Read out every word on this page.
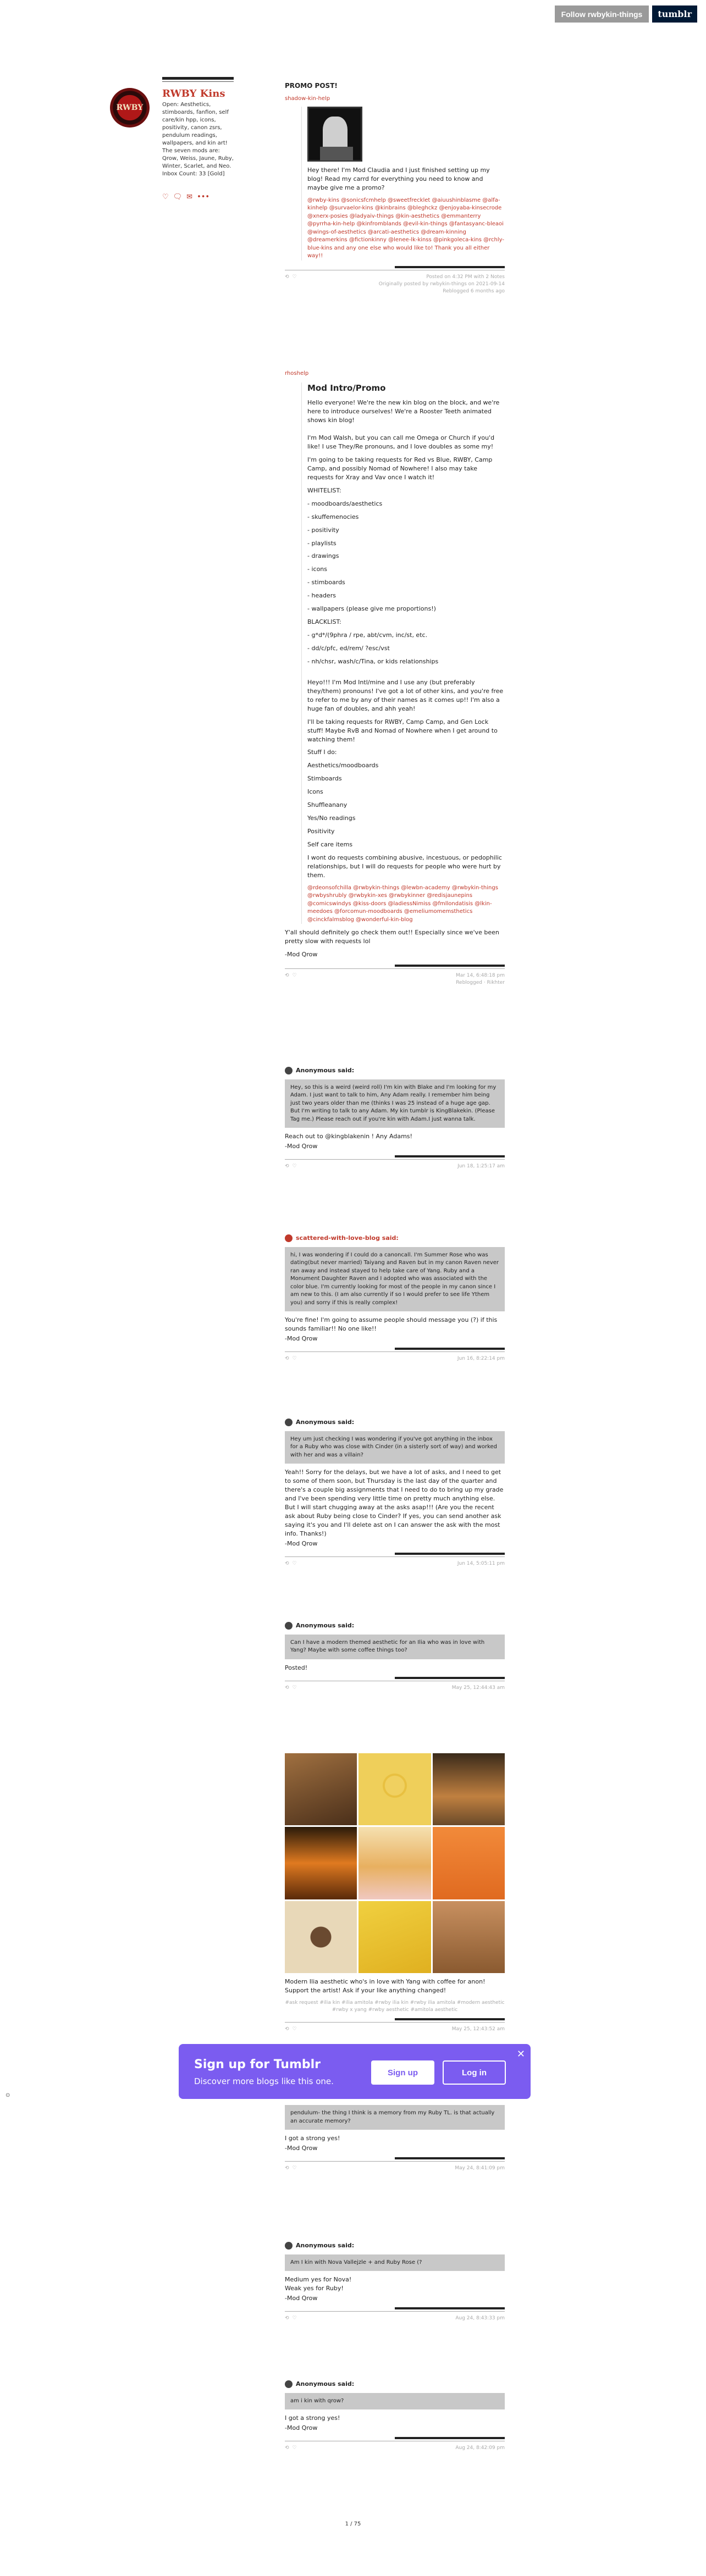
Follow rwbykin-things	tumblr
RWBY
RWBY Kins
Open: Aesthetics, stimboards, fanfion, self care/kin hpp, icons, positivity, canon zsrs, pendulum readings, wallpapers, and kin art! The seven mods are: Qrow, Weiss, Jaune, Ruby, Winter, Scarlet, and Neo. Inbox Count: 33 [Gold]
♡ 🗨 ✉ •••
PROMO POST!
shadow-kin-help
Hey there! I'm Mod Claudia and I just finished setting up my blog! Read my carrd for everything you need to know and maybe give me a promo?
@rwby-kins @sonicsfcmhelp @sweetfrecklet @aiuushinblasme @alfa-kinhelp @survaelor-kins @kinbrains @bleghckz @enjoyaba-kinsecrode @xnerx-posies @ladyaiv-things @kin-aesthetics @emmanterry @pyrrha-kin-help @kinfromblands @evil-kin-things @fantasyanc-bleaoi @wings-of-aesthetics @arcati-aesthetics @dream-kinning @dreamerkins @fictionkinny @lenee-lk-kinss @pinkgoleca-kins @rchly-blue-kins and any one else who would like to! Thank you all either way!!
⟲♡	Posted on 4:32 PM with 2 Notes
Originally posted by rwbykin-things on 2021-09-14
Reblogged 6 months ago
rhoshelp
Mod Intro/Promo
Hello everyone! We're the new kin blog on the block, and we're here to introduce ourselves! We're a Rooster Teeth animated shows kin blog!
I'm Mod Walsh, but you can call me Omega or Church if you'd like! I use They/Re pronouns, and I love doubles as some my!
I'm going to be taking requests for Red vs Blue, RWBY, Camp Camp, and possibly Nomad of Nowhere! I also may take requests for Xray and Vav once I watch it!
WHITELIST:
- moodboards/aesthetics
- skuffemenocies
- positivity
- playlists
- drawings
- icons
- stimboards
- headers
- wallpapers (please give me proportions!)
BLACKLIST:
- g*d*/(9phra / rpe, abt/cvm, inc/st, etc.
- dd/c/pfc, ed/rem/ ?esc/vst
- nh/chsr, wash/c/Tina, or kids relationships
Heyo!!! I'm Mod Intl/mine and I use any (but preferably they/them) pronouns! I've got a lot of other kins, and you're free to refer to me by any of their names as it comes up!! I'm also a huge fan of doubles, and ahh yeah!
I'll be taking requests for RWBY, Camp Camp, and Gen Lock stuff! Maybe RvB and Nomad of Nowhere when I get around to watching them!
Stuff I do:
Aesthetics/moodboards
Stimboards
Icons
Shuffleanany
Yes/No readings
Positivity
Self care items
I wont do requests combining abusive, incestuous, or pedophilic relationships, but I will do requests for people who were hurt by them.
@rdeonsofchilla @rwbykin-things @lewbn-academy @rwbykin-things @rwbyshrubly @rwbykin-xes @rwbykinner @redisjaunepins @comicswindys @kiss-doors @ladiessNimiss @fmllondatisis @lkin-meedoes @forcomun-moodboards @emeliumomemsthetics @cinckfalmsblog @wonderful-kin-blog
Y'all should definitely go check them out!! Especially since we've been pretty slow with requests lol
-Mod Qrow
⟲♡	Mar 14, 6:48:18 pm
Reblogged · Rikhter
Anonymous said:
Hey, so this is a weird (weird roll) I'm kin with Blake and I'm looking for my Adam. I just want to talk to him, Any Adam really. I remember him being just two years older than me (thinks I was 25 instead of a huge age gap. But I'm writing to talk to any Adam. My kin tumblr is KingBlakekin. (Please Tag me.) Please reach out if you're kin with Adam.I just wanna talk.
Reach out to @kingblakenin ! Any Adams!
-Mod Qrow
⟲♡	Jun 18, 1:25:17 am
scattered-with-love-blog said:
hi, I was wondering if I could do a canoncall. I'm Summer Rose who was dating(but never married) Taiyang and Raven but in my canon Raven never ran away and instead stayed to help take care of Yang. Ruby and a Monument Daughter Raven and I adopted who was associated with the color blue. I'm currently looking for most of the people in my canon since I am new to this. (I am also currently if so I would prefer to see life Ythem you) and sorry if this is really complex!
You're fine! I'm going to assume people should message you (?) if this sounds familiar!! No one like!!
-Mod Qrow
⟲♡	Jun 16, 8:22:14 pm
Anonymous said:
Hey um just checking I was wondering if you've got anything in the inbox for a Ruby who was close with Cinder (in a sisterly sort of way) and worked with her and was a villain?
Yeah!! Sorry for the delays, but we have a lot of asks, and I need to get to some of them soon, but Thursday is the last day of the quarter and there's a couple big assignments that I need to do to bring up my grade and I've been spending very little time on pretty much anything else. But I will start chugging away at the asks asap!!! (Are you the recent ask about Ruby being close to Cinder? If yes, you can send another ask saying it's you and I'll delete ast on I can answer the ask with the most info. Thanks!)
-Mod Qrow
⟲♡	Jun 14, 5:05:11 pm
Anonymous said:
Can I have a modern themed aesthetic for an Ilia who was in love with Yang? Maybe with some coffee things too?
Posted!
⟲♡	May 25, 12:44:43 am
Modern Ilia aesthetic who's in love with Yang with coffee for anon! Support the artist! Ask if your like anything changed!
#ask request #ilia kin #ilia amitola #rwby ilia kin #rwby ilia amitola #modern aesthetic #rwby x yang #rwby aesthetic #amitola aesthetic
⟲♡	May 25, 12:43:52 am
pendulum- the thing I think is a memory from my Ruby TL. is that actually an accurate memory?
I got a strong yes!
-Mod Qrow
⟲♡	May 24, 8:41:09 pm
Anonymous said:
Am I kin with Nova Vallejzle + and Ruby Rose (?
Medium yes for Nova!
Weak yes for Ruby!
-Mod Qrow
⟲♡	Aug 24, 8:43:33 pm
Anonymous said:
am i kin with qrow?
I got a strong yes!
-Mod Qrow
⟲♡	Aug 24, 8:42:09 pm
Sign up for Tumblr
Discover more blogs like this one.
Sign up	Log in
✕
⊙
1 / 75
